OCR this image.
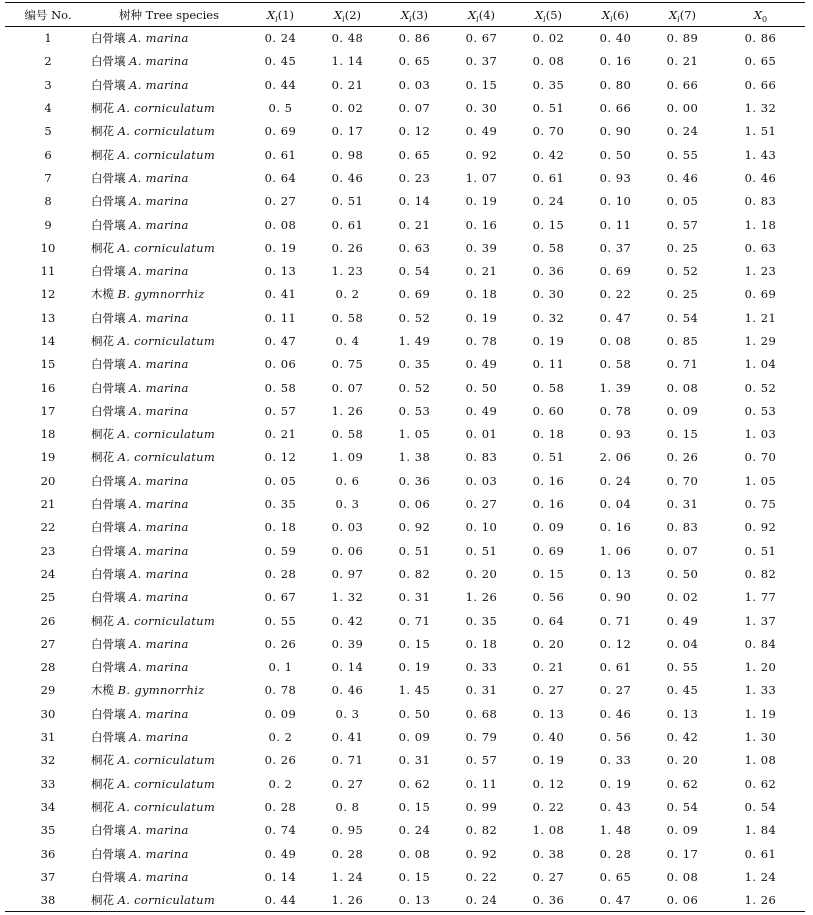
编号 No.	树种 Tree species	$X_i(1)$	$X_i(2)$	$X_i(3)$	$X_i(4)$	$X_i(5)$	$X_i(6)$	$X_i(7)$	$X_0$
1	白骨壤 A. marina	0. 24	0. 48	0. 86	0. 67	0. 02	0. 40	0. 89	0. 86
2	白骨壤 A. marina	0. 45	1. 14	0. 65	0. 37	0. 08	0. 16	0. 21	0. 65
3	白骨壤 A. marina	0. 44	0. 21	0. 03	0. 15	0. 35	0. 80	0. 66	0. 66
4	桐花 A. corniculatum	0. 5	0. 02	0. 07	0. 30	0. 51	0. 66	0. 00	1. 32
5	桐花 A. corniculatum	0. 69	0. 17	0. 12	0. 49	0. 70	0. 90	0. 24	1. 51
6	桐花 A. corniculatum	0. 61	0. 98	0. 65	0. 92	0. 42	0. 50	0. 55	1. 43
7	白骨壤 A. marina	0. 64	0. 46	0. 23	1. 07	0. 61	0. 93	0. 46	0. 46
8	白骨壤 A. marina	0. 27	0. 51	0. 14	0. 19	0. 24	0. 10	0. 05	0. 83
9	白骨壤 A. marina	0. 08	0. 61	0. 21	0. 16	0. 15	0. 11	0. 57	1. 18
10	桐花 A. corniculatum	0. 19	0. 26	0. 63	0. 39	0. 58	0. 37	0. 25	0. 63
11	白骨壤 A. marina	0. 13	1. 23	0. 54	0. 21	0. 36	0. 69	0. 52	1. 23
12	木榄 B. gymnorrhiz	0. 41	0. 2	0. 69	0. 18	0. 30	0. 22	0. 25	0. 69
13	白骨壤 A. marina	0. 11	0. 58	0. 52	0. 19	0. 32	0. 47	0. 54	1. 21
14	桐花 A. corniculatum	0. 47	0. 4	1. 49	0. 78	0. 19	0. 08	0. 85	1. 29
15	白骨壤 A. marina	0. 06	0. 75	0. 35	0. 49	0. 11	0. 58	0. 71	1. 04
16	白骨壤 A. marina	0. 58	0. 07	0. 52	0. 50	0. 58	1. 39	0. 08	0. 52
17	白骨壤 A. marina	0. 57	1. 26	0. 53	0. 49	0. 60	0. 78	0. 09	0. 53
18	桐花 A. corniculatum	0. 21	0. 58	1. 05	0. 01	0. 18	0. 93	0. 15	1. 03
19	桐花 A. corniculatum	0. 12	1. 09	1. 38	0. 83	0. 51	2. 06	0. 26	0. 70
20	白骨壤 A. marina	0. 05	0. 6	0. 36	0. 03	0. 16	0. 24	0. 70	1. 05
21	白骨壤 A. marina	0. 35	0. 3	0. 06	0. 27	0. 16	0. 04	0. 31	0. 75
22	白骨壤 A. marina	0. 18	0. 03	0. 92	0. 10	0. 09	0. 16	0. 83	0. 92
23	白骨壤 A. marina	0. 59	0. 06	0. 51	0. 51	0. 69	1. 06	0. 07	0. 51
24	白骨壤 A. marina	0. 28	0. 97	0. 82	0. 20	0. 15	0. 13	0. 50	0. 82
25	白骨壤 A. marina	0. 67	1. 32	0. 31	1. 26	0. 56	0. 90	0. 02	1. 77
26	桐花 A. corniculatum	0. 55	0. 42	0. 71	0. 35	0. 64	0. 71	0. 49	1. 37
27	白骨壤 A. marina	0. 26	0. 39	0. 15	0. 18	0. 20	0. 12	0. 04	0. 84
28	白骨壤 A. marina	0. 1	0. 14	0. 19	0. 33	0. 21	0. 61	0. 55	1. 20
29	木榄 B. gymnorrhiz	0. 78	0. 46	1. 45	0. 31	0. 27	0. 27	0. 45	1. 33
30	白骨壤 A. marina	0. 09	0. 3	0. 50	0. 68	0. 13	0. 46	0. 13	1. 19
31	白骨壤 A. marina	0. 2	0. 41	0. 09	0. 79	0. 40	0. 56	0. 42	1. 30
32	桐花 A. corniculatum	0. 26	0. 71	0. 31	0. 57	0. 19	0. 33	0. 20	1. 08
33	桐花 A. corniculatum	0. 2	0. 27	0. 62	0. 11	0. 12	0. 19	0. 62	0. 62
34	桐花 A. corniculatum	0. 28	0. 8	0. 15	0. 99	0. 22	0. 43	0. 54	0. 54
35	白骨壤 A. marina	0. 74	0. 95	0. 24	0. 82	1. 08	1. 48	0. 09	1. 84
36	白骨壤 A. marina	0. 49	0. 28	0. 08	0. 92	0. 38	0. 28	0. 17	0. 61
37	白骨壤 A. marina	0. 14	1. 24	0. 15	0. 22	0. 27	0. 65	0. 08	1. 24
38	桐花 A. corniculatum	0. 44	1. 26	0. 13	0. 24	0. 36	0. 47	0. 06	1. 26
